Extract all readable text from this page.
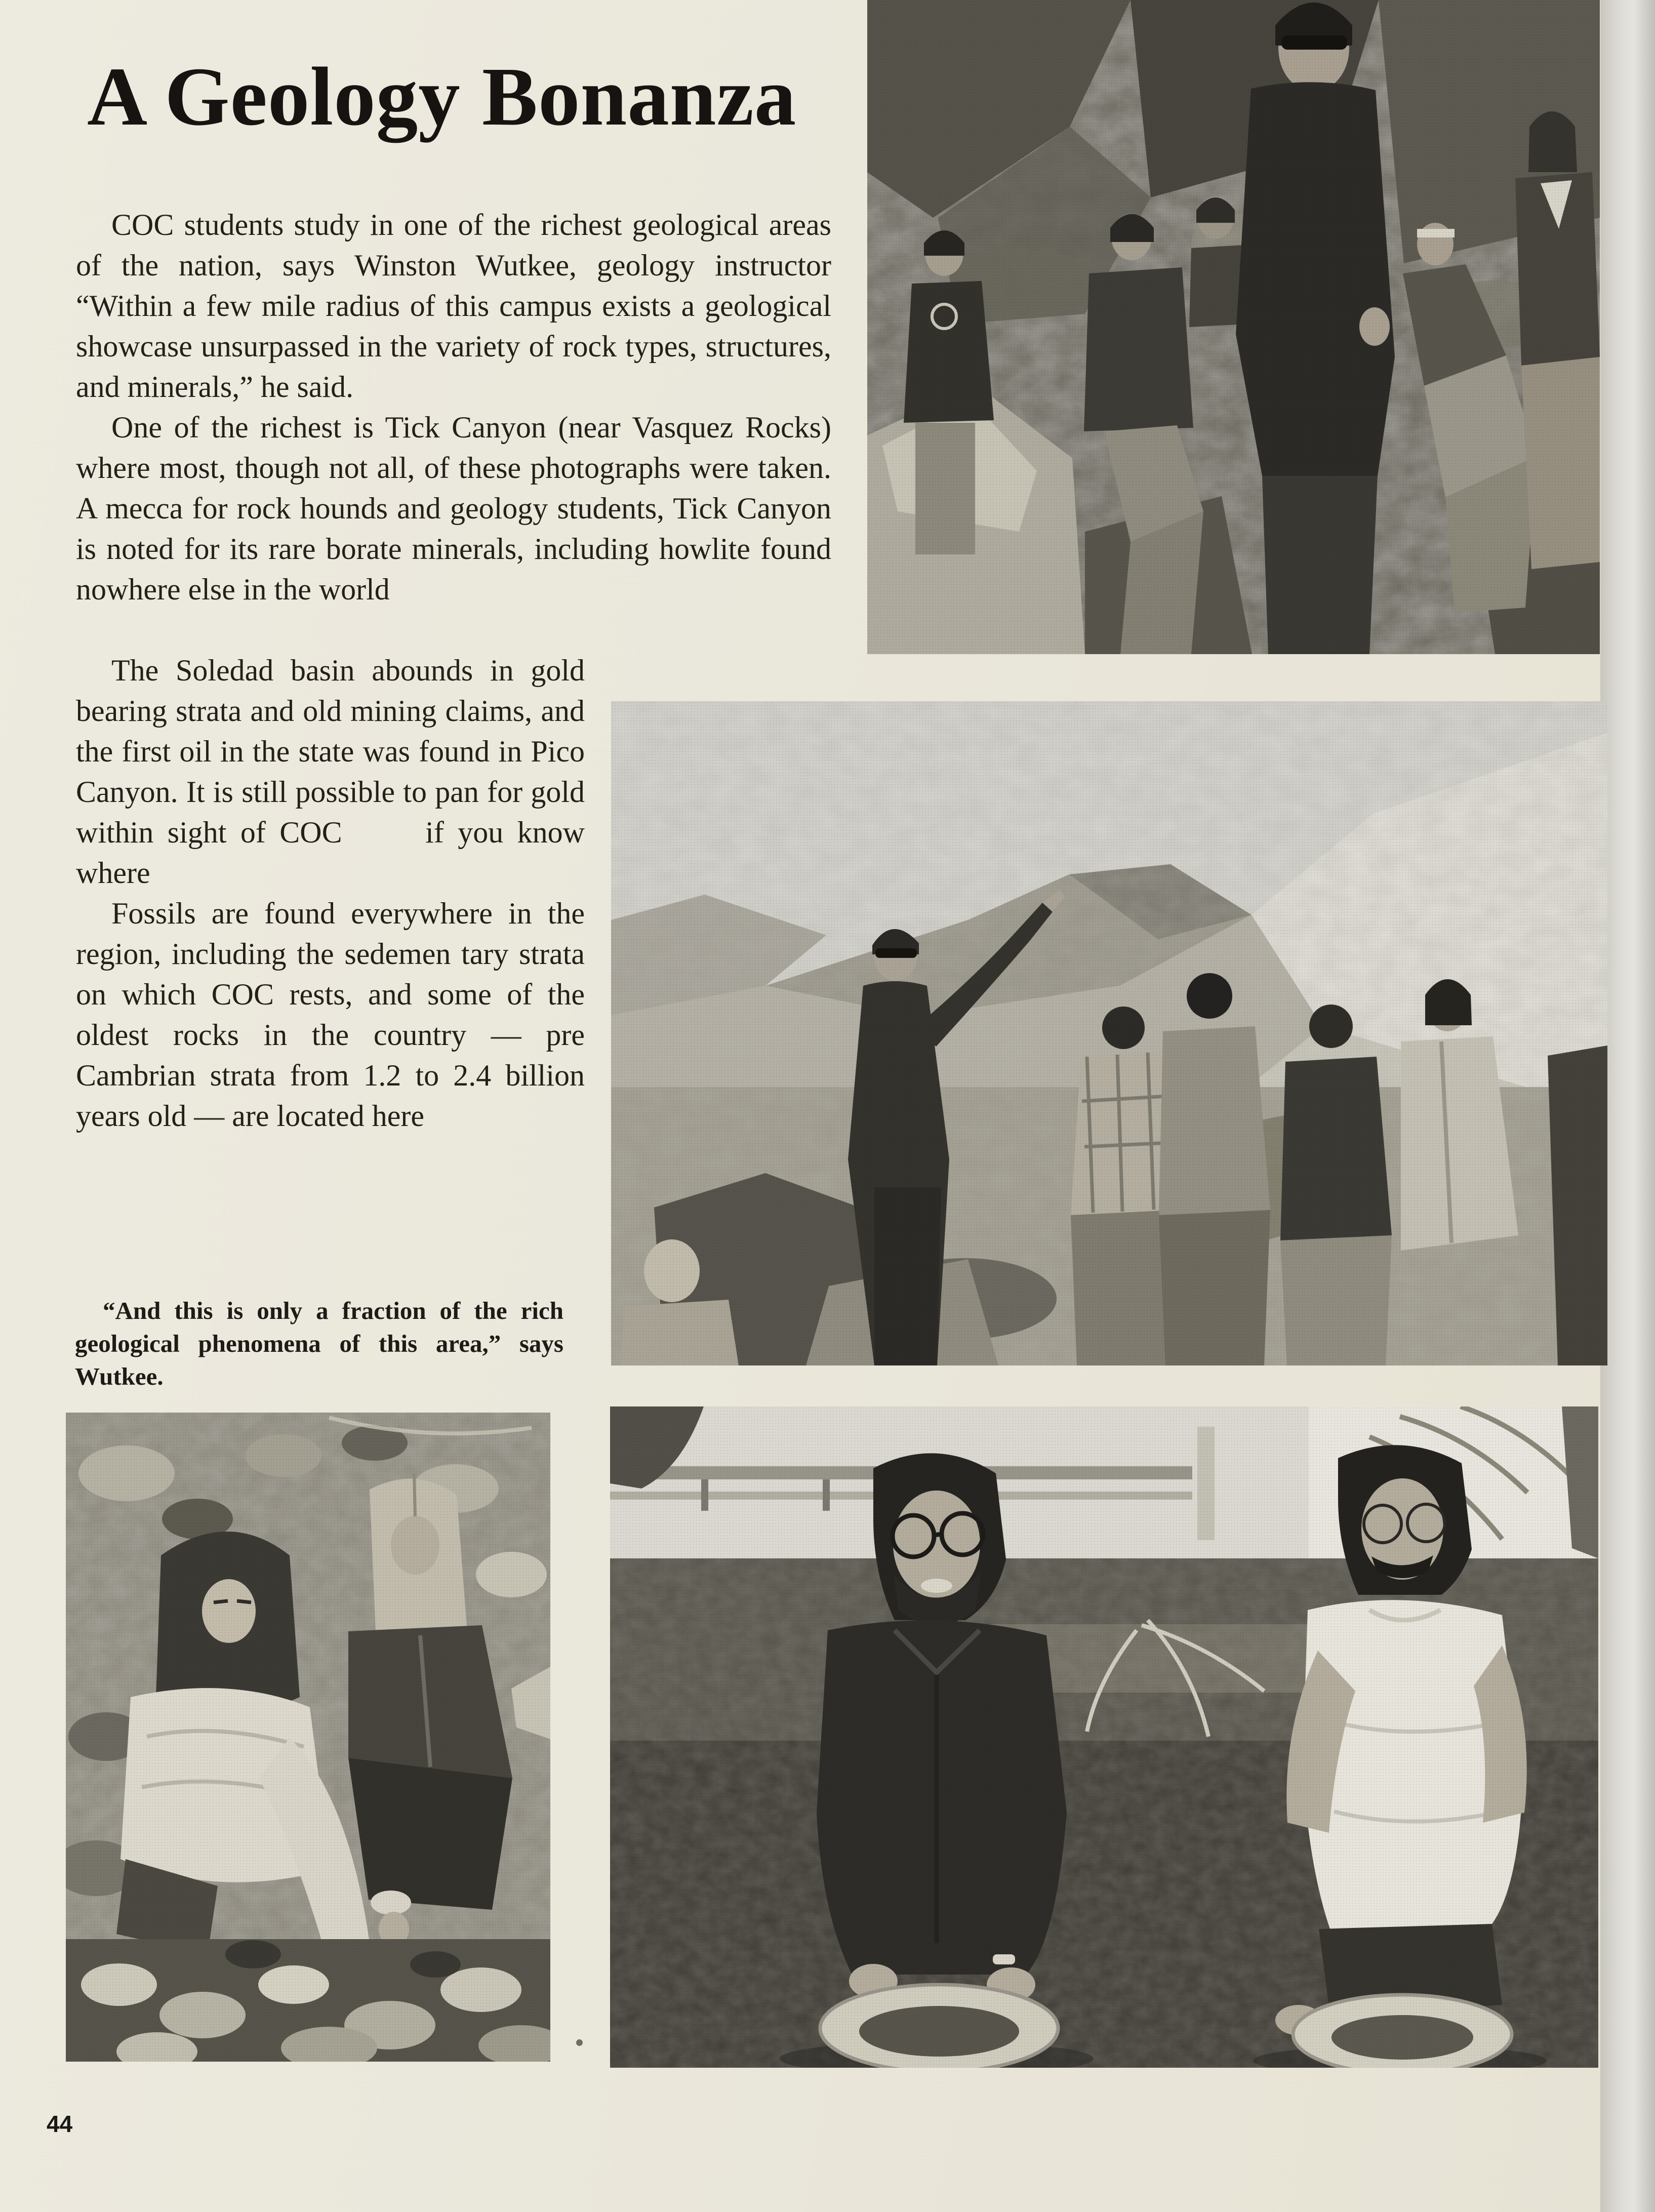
A Geology Bonanza

COC students study in one of the richest geological areas of the nation, says Winston Wutkee, geology instructor “Within a few mile radius of this campus exists a geological showcase unsurpassed in the variety of rock types, structures, and minerals,” he said.

One of the richest is Tick Canyon (near Vasquez Rocks) where most, though not all, of these photographs were taken. A mecca for rock hounds and geology students, Tick Canyon is noted for its rare borate minerals, including howlite found nowhere else in the world

The Soledad basin abounds in gold bearing strata and old mining claims, and the first oil in the state was found in Pico Canyon. It is still possible to pan for gold within sight of COC      if you know where

Fossils are found everywhere in the region, including the sedemen tary strata on which COC rests, and some of the oldest rocks in the country — pre Cambrian strata from 1.2 to 2.4 billion years old — are located here

“And this is only a fraction of the rich geological phenomena of this area,” says Wutkee.

44
